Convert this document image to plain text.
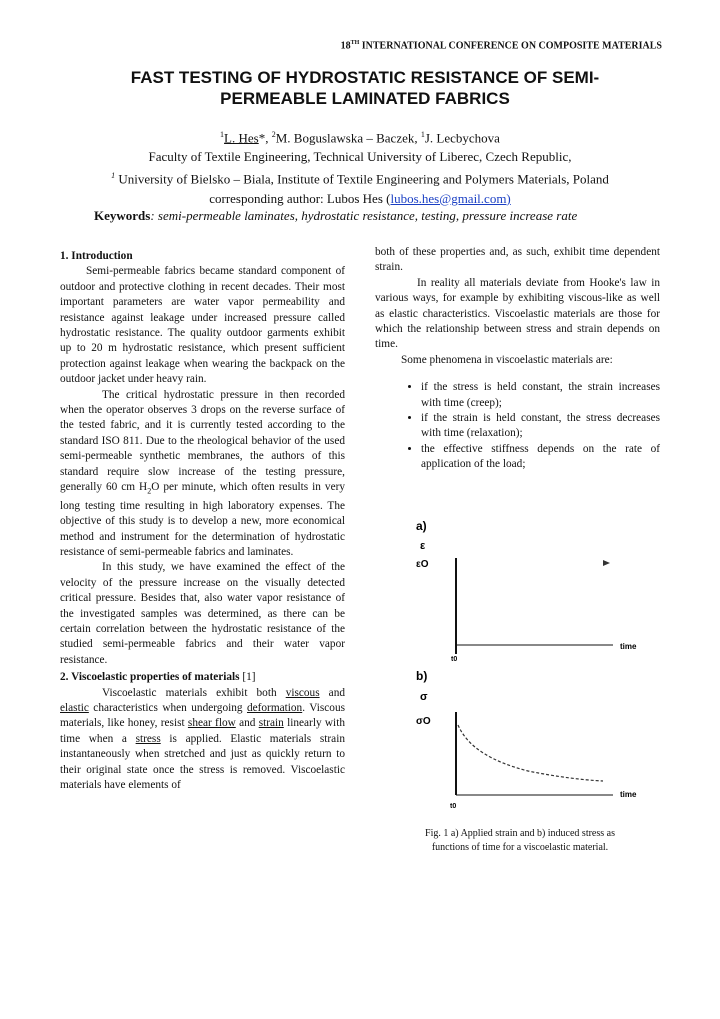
18TH INTERNATIONAL CONFERENCE ON COMPOSITE MATERIALS
FAST TESTING OF HYDROSTATIC RESISTANCE OF SEMI-PERMEABLE LAMINATED FABRICS
$^1$L. Hes*, $^2$M. Boguslawska – Baczek, $^1$J. Lecbychova
Faculty of Textile Engineering, Technical University of Liberec, Czech Republic,
$^1$ University of Bielsko – Biala, Institute of Textile Engineering and Polymers Materials, Poland
corresponding author: Lubos Hes (lubos.hes@gmail.com)
Keywords: semi-permeable laminates, hydrostatic resistance, testing, pressure increase rate

1. Introduction

Semi-permeable fabrics became standard component of outdoor and protective clothing in recent decades. Their most important parameters are water vapor permeability and resistance against leakage under increased pressure called hydrostatic resistance. The quality outdoor garments exhibit up to 20 m hydrostatic resistance, which present sufficient protection against leakage when wearing the backpack on the outdoor jacket under heavy rain.

The critical hydrostatic pressure in then recorded when the operator observes 3 drops on the reverse surface of the tested fabric, and it is currently tested according to the standard ISO 811. Due to the rheological behavior of the used semi-permeable synthetic membranes, the authors of this standard require slow increase of the testing pressure, generally 60 cm $H_2O$ per minute, which often results in very long testing time resulting in high laboratory expenses. The objective of this study is to develop a new, more economical method and instrument for the determination of hydrostatic resistance of semi-permeable fabrics and laminates.

In this study, we have examined the effect of the velocity of the pressure increase on the visually detected critical pressure. Besides that, also water vapor resistance of the investigated samples was determined, as there can be certain correlation between the hydrostatic resistance of the studied semi-permeable fabrics and their water vapor resistance.

2. Viscoelastic properties of materials [1]

Viscoelastic materials exhibit both viscous and elastic characteristics when undergoing deformation. Viscous materials, like honey, resist shear flow and strain linearly with time when a stress is applied. Elastic materials strain instantaneously when stretched and just as quickly return to their original state once the stress is removed. Viscoelastic materials have elements of

both of these properties and, as such, exhibit time dependent strain.

In reality all materials deviate from Hooke's law in various ways, for example by exhibiting viscous-like as well as elastic characteristics. Viscoelastic materials are those for which the relationship between stress and strain depends on time.

Some phenomena in viscoelastic materials are:

• if the stress is held constant, the strain increases with time (creep);
• if the strain is held constant, the stress decreases with time (relaxation);
• the effective stiffness depends on the rate of application of the load;
a)
ε
εO
t0
time
b)
σ
σO
t0
time
Fig. 1 a) Applied strain and b) induced stress as
functions of time for a viscoelastic material.
